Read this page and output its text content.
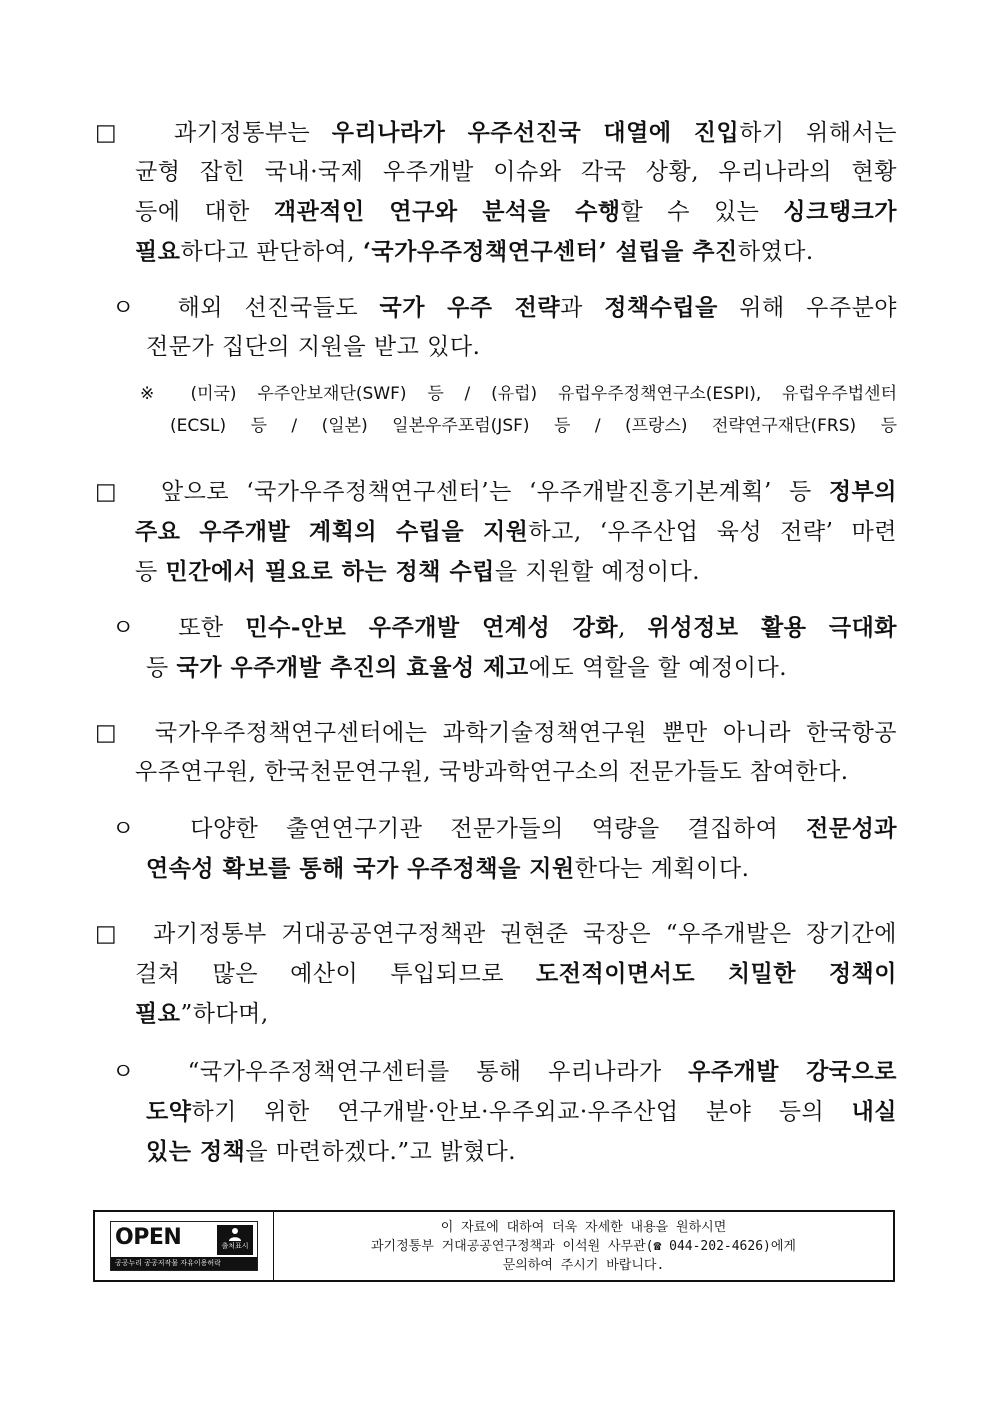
□ 과기정통부는 우리나라가 우주선진국 대열에 진입하기 위해서는
균형 잡힌 국내·국제 우주개발 이슈와 각국 상황, 우리나라의 현황
등에 대한 객관적인 연구와 분석을 수행할 수 있는 싱크탱크가
필요하다고 판단하여, ‘국가우주정책연구센터’ 설립을 추진하였다.
ㅇ 해외 선진국들도 국가 우주 전략과 정책수립을 위해 우주분야
전문가 집단의 지원을 받고 있다.
※ (미국) 우주안보재단(SWF) 등 / (유럽) 유럽우주정책연구소(ESPI), 유럽우주법센터
(ECSL) 등 / (일본) 일본우주포럼(JSF) 등 / (프랑스) 전략연구재단(FRS) 등
□ 앞으로 ‘국가우주정책연구센터’는 ‘우주개발진흥기본계획’ 등 정부의
주요 우주개발 계획의 수립을 지원하고, ‘우주산업 육성 전략’ 마련
등 민간에서 필요로 하는 정책 수립을 지원할 예정이다.
ㅇ 또한 민수-안보 우주개발 연계성 강화, 위성정보 활용 극대화
등 국가 우주개발 추진의 효율성 제고에도 역할을 할 예정이다.
□ 국가우주정책연구센터에는 과학기술정책연구원 뿐만 아니라 한국항공
우주연구원, 한국천문연구원, 국방과학연구소의 전문가들도 참여한다.
ㅇ 다양한 출연연구기관 전문가들의 역량을 결집하여 전문성과
연속성 확보를 통해 국가 우주정책을 지원한다는 계획이다.
□ 과기정통부 거대공공연구정책관 권현준 국장은 “우주개발은 장기간에
걸쳐 많은 예산이 투입되므로 도전적이면서도 치밀한 정책이
필요”하다며,
ㅇ “국가우주정책연구센터를 통해 우리나라가 우주개발 강국으로
도약하기 위한 연구개발·안보·우주외교·우주산업 분야 등의 내실
있는 정책을 마련하겠다.”고 밝혔다.
OPEN	출처표시
공공누리 공공저작물 자유이용허락
이 자료에 대하여 더욱 자세한 내용을 원하시면
과기정통부 거대공공연구정책과 이석원 사무관(☎ 044-202-4626)에게
문의하여 주시기 바랍니다.
